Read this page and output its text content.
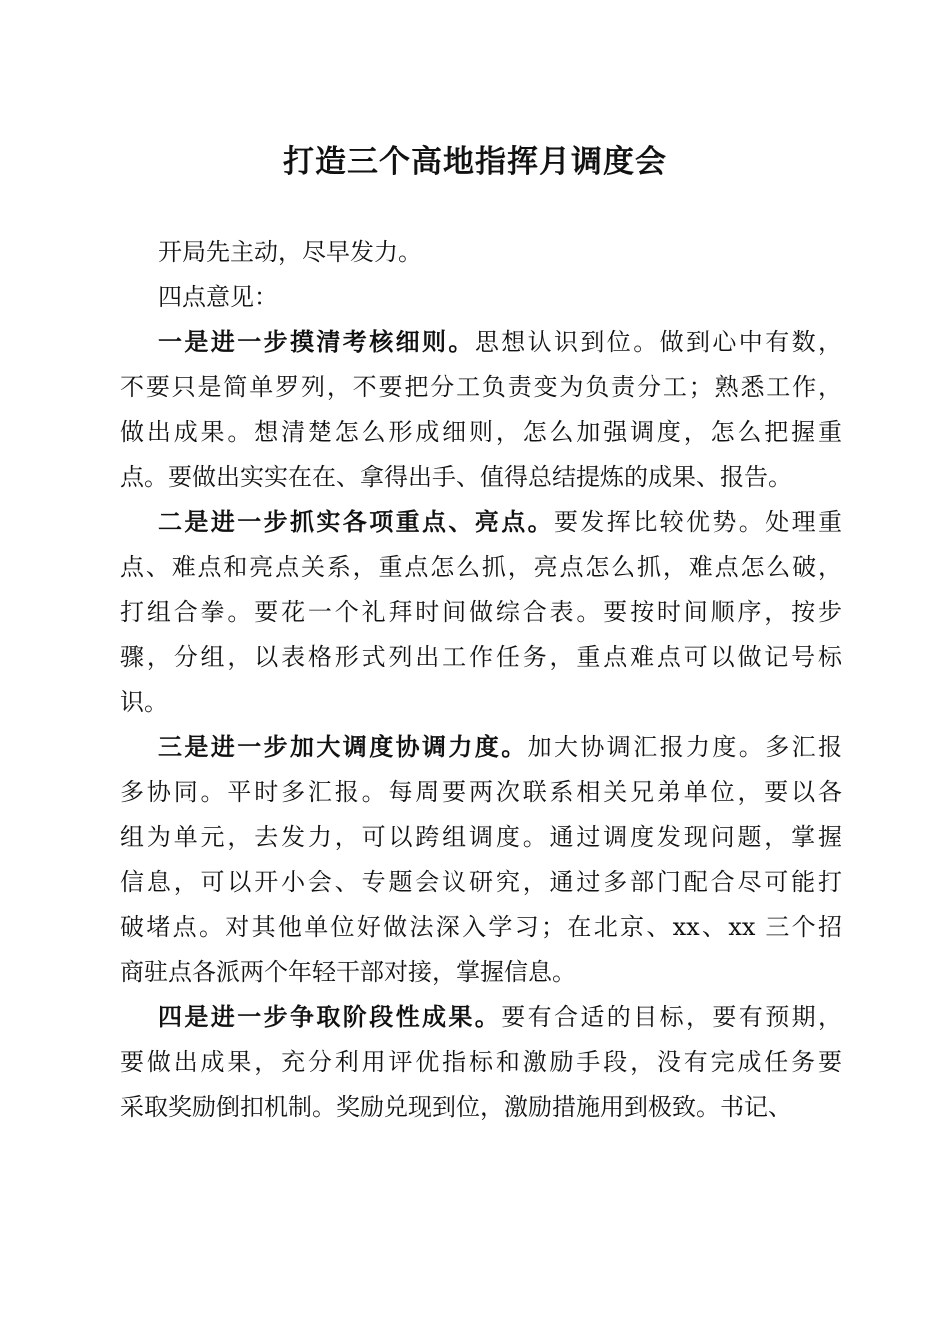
打造三个高地指挥月调度会
开局先主动，尽早发力。
四点意见：
一是进一步摸清考核细则。思想认识到位。做到心中有数，
不要只是简单罗列，不要把分工负责变为负责分工；熟悉工作，
做出成果。想清楚怎么形成细则，怎么加强调度，怎么把握重
点。要做出实实在在、拿得出手、值得总结提炼的成果、报告。
二是进一步抓实各项重点、亮点。要发挥比较优势。处理重
点、难点和亮点关系，重点怎么抓，亮点怎么抓，难点怎么破，
打组合拳。要花一个礼拜时间做综合表。要按时间顺序，按步
骤，分组，以表格形式列出工作任务，重点难点可以做记号标
识。
三是进一步加大调度协调力度。加大协调汇报力度。多汇报
多协同。平时多汇报。每周要两次联系相关兄弟单位，要以各
组为单元，去发力，可以跨组调度。通过调度发现问题，掌握
信息，可以开小会、专题会议研究，通过多部门配合尽可能打
破堵点。对其他单位好做法深入学习；在北京、xx、xx 三个招
商驻点各派两个年轻干部对接，掌握信息。
四是进一步争取阶段性成果。要有合适的目标，要有预期，
要做出成果，充分利用评优指标和激励手段，没有完成任务要
采取奖励倒扣机制。奖励兑现到位，激励措施用到极致。书记、
